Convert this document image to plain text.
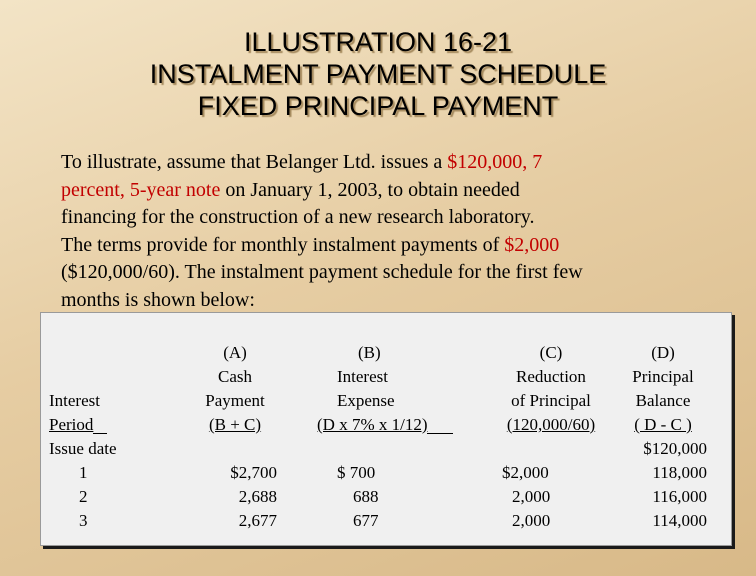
ILLUSTRATION 16-21
INSTALMENT PAYMENT SCHEDULE
FIXED PRINCIPAL PAYMENT

To illustrate, assume that Belanger Ltd. issues a $120,000, 7

percent, 5-year note on January 1, 2003, to obtain needed

financing for the construction of a new research laboratory.

The terms provide for monthly instalment payments of $2,000

($120,000/60). The instalment payment schedule for the first few

months is shown below:

Interest
Period
Issue date
1
2
3
(A)
Cash
Payment
(B + C)
$2,700
2,688
2,677
(B)
Interest
Expense
(D x 7% x 1/12)
$ 700
688
677
(C)
Reduction
of Principal
(120,000/60)
$2,000
2,000
2,000
(D)
Principal
Balance
( D - C )
$120,000
118,000
116,000
114,000
